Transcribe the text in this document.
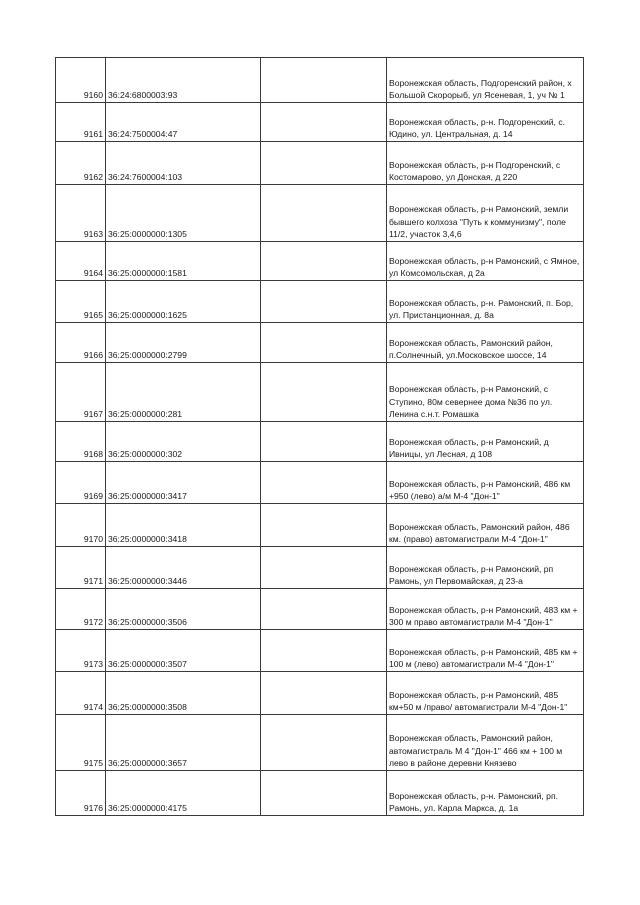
9160	36:24:6800003:93		Воронежская область, Подгоренский район, х Большой Скорорыб, ул Ясеневая, 1, уч № 1
9161	36:24:7500004:47		Воронежская область, р-н. Подгоренский, с. Юдино, ул. Центральная, д. 14
9162	36:24:7600004:103		Воронежская область, р-н Подгоренский, с Костомарово, ул Донская, д 220
9163	36:25:0000000:1305		Воронежская область, р-н Рамонский, земли бывшего колхоза "Путь к коммунизму", поле 11/2, участок 3,4,6
9164	36:25:0000000:1581		Воронежская область, р-н Рамонский, с Ямное, ул Комсомольская, д 2а
9165	36:25:0000000:1625		Воронежская область, р-н. Рамонский, п. Бор, ул. Пристанционная, д. 8а
9166	36:25:0000000:2799		Воронежская область, Рамонский район, п.Солнечный, ул.Московское шоссе, 14
9167	36:25:0000000:281		Воронежская область, р-н Рамонский, с Ступино, 80м севернее дома №36 по ул. Ленина с.н.т. Ромашка
9168	36:25:0000000:302		Воронежская область, р-н Рамонский, д Ивницы, ул Лесная, д 108
9169	36:25:0000000:3417		Воронежская область, р-н Рамонский, 486 км +950 (лево) а/м М-4 "Дон-1"
9170	36:25:0000000:3418		Воронежская область, Рамонский район, 486 км. (право) автомагистрали М-4 "Дон-1"
9171	36:25:0000000:3446		Воронежская область, р-н Рамонский, рп Рамонь, ул Первомайская, д 23-а
9172	36:25:0000000:3506		Воронежская область, р-н Рамонский, 483 км + 300 м право автомагистрали М-4 "Дон-1"
9173	36:25:0000000:3507		Воронежская область, р-н Рамонский, 485 км + 100 м (лево) автомагистрали М-4 "Дон-1"
9174	36:25:0000000:3508		Воронежская область, р-н Рамонский, 485 км+50 м /право/ автомагистрали М-4 "Дон-1"
9175	36:25:0000000:3657		Воронежская область, Рамонский район, автомагистраль М 4 "Дон-1" 466 км + 100 м лево в районе деревни Князево
9176	36:25:0000000:4175		Воронежская область, р-н. Рамонский, рп. Рамонь, ул. Карла Маркса, д. 1а
